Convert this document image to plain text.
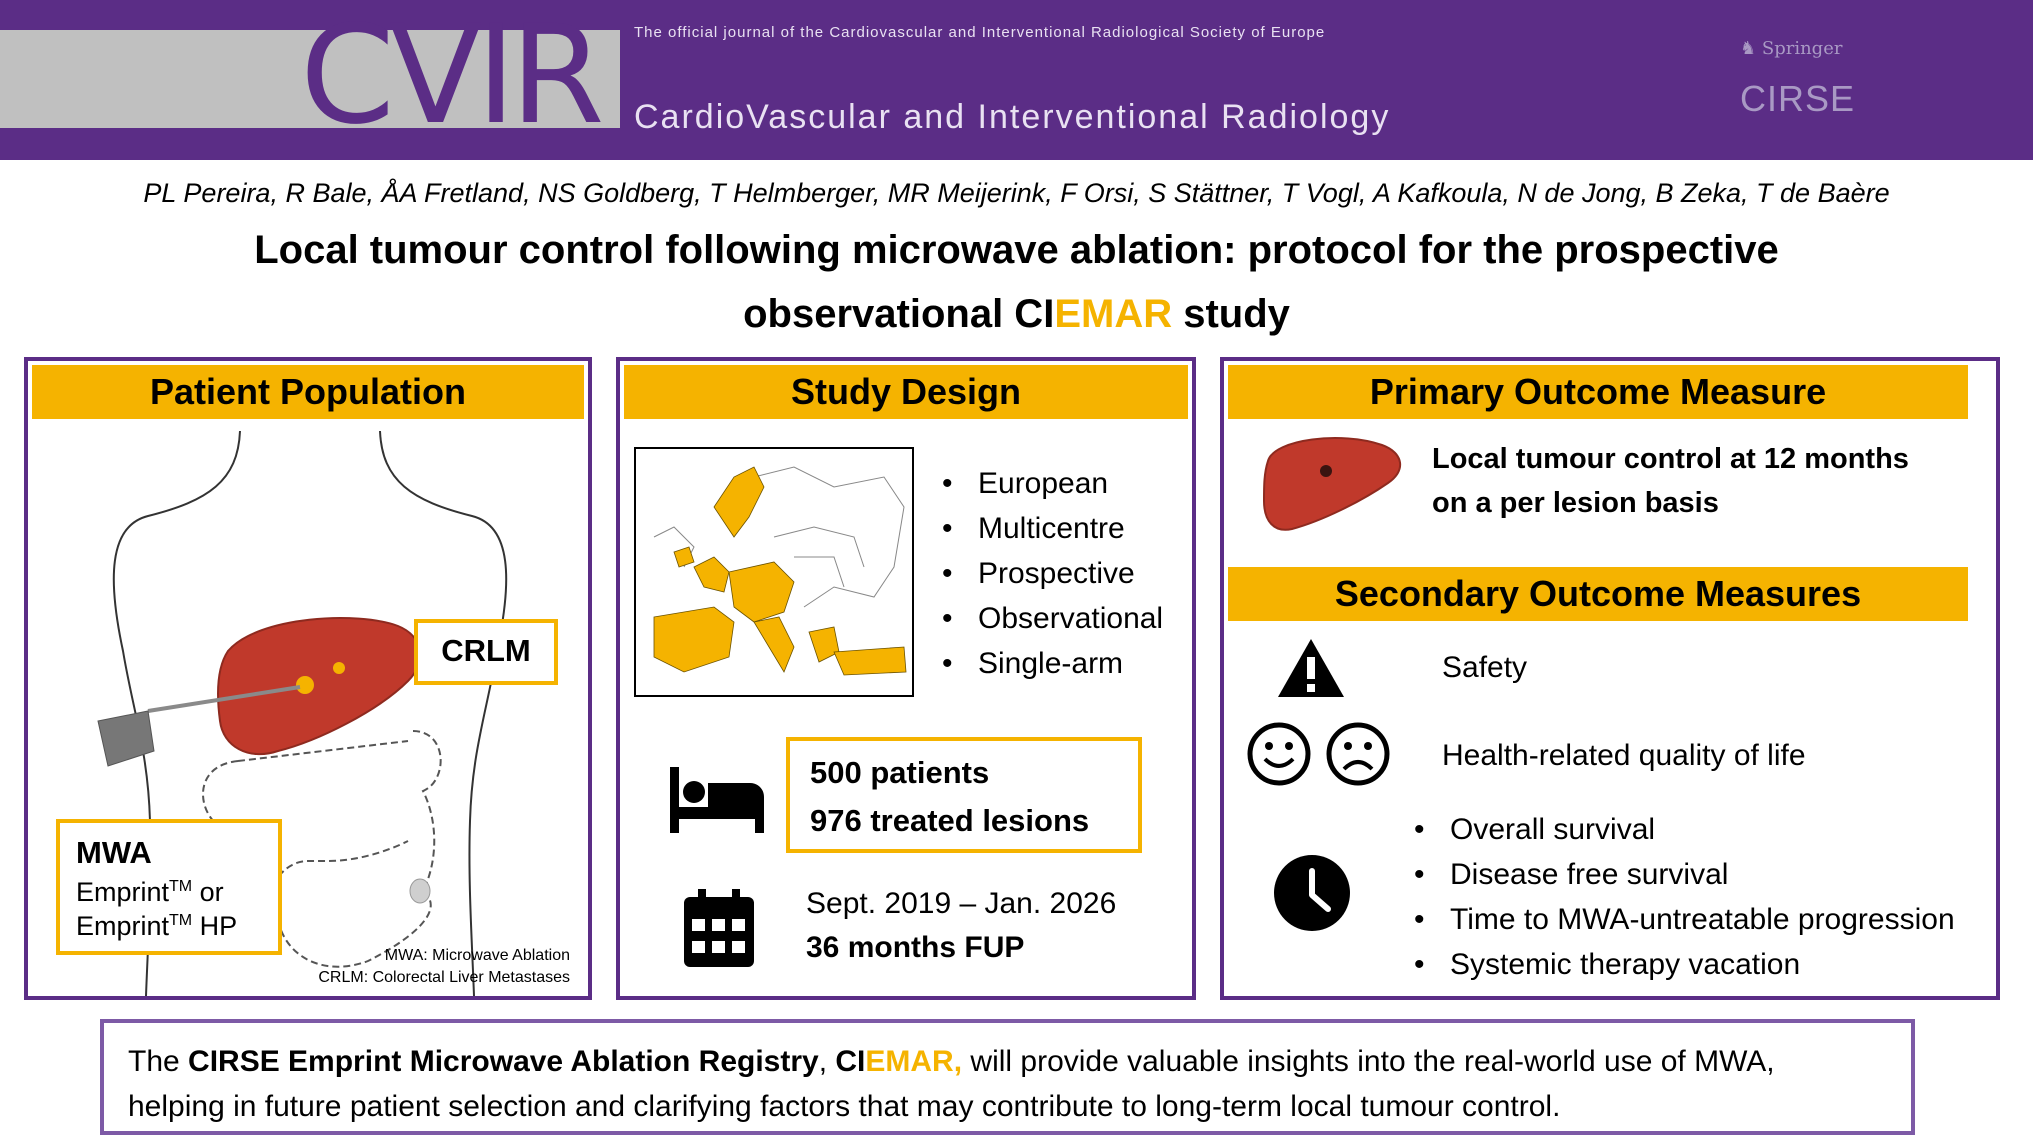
CVIR The official journal of the Cardiovascular and Interventional Radiological Society of Europe
CardioVascular and Interventional Radiology
♞ Springer
CIRSE
PL Pereira, R Bale, ÅA Fretland, NS Goldberg, T Helmberger, MR Meijerink, F Orsi, S Stättner, T Vogl, A Kafkoula, N de Jong, B Zeka, T de Baère
Local tumour control following microwave ablation: protocol for the prospective
observational CIEMAR study
Patient Population
CRLM
MWA
Emprint™ or
Emprint™ HP
MWA: Microwave Ablation
CRLM: Colorectal Liver Metastases
Study Design
• European
• Multicentre
• Prospective
• Observational
• Single-arm
500 patients
976 treated lesions
Sept. 2019 – Jan. 2026
36 months FUP
Primary Outcome Measure
Local tumour control at 12 months
on a per lesion basis
Secondary Outcome Measures
Safety
Health-related quality of life
• Overall survival
• Disease free survival
• Time to MWA-untreatable progression
• Systemic therapy vacation
The CIRSE Emprint Microwave Ablation Registry, CIEMAR, will provide valuable insights into the real-world use of MWA,
helping in future patient selection and clarifying factors that may contribute to long-term local tumour control.
